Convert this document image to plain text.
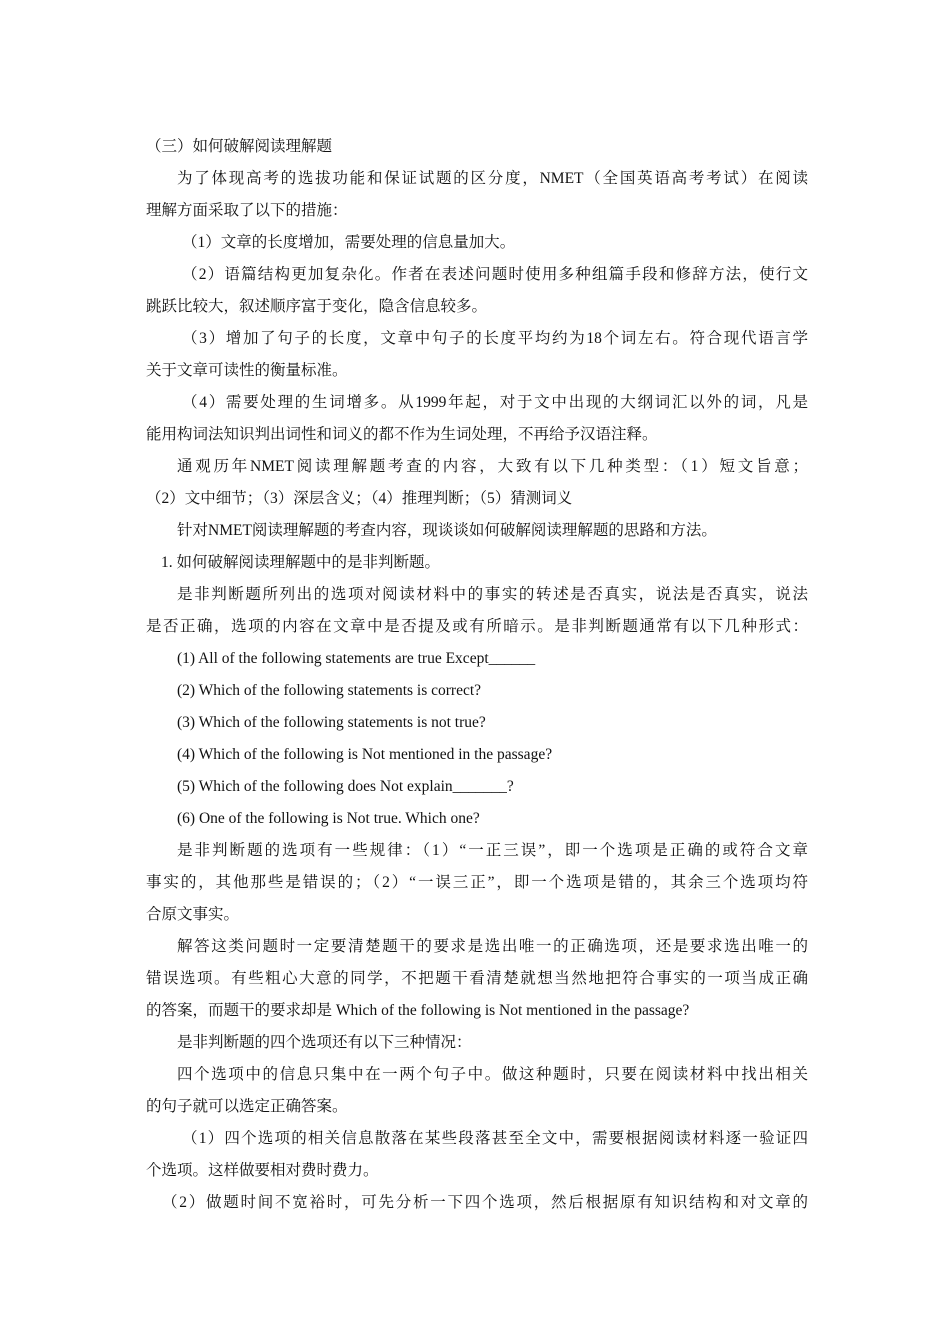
（三）如何破解阅读理解题
为了体现高考的选拔功能和保证试题的区分度，NMET（全国英语高考考试）在阅读
理解方面采取了以下的措施：
（1）文章的长度增加，需要处理的信息量加大。
（2）语篇结构更加复杂化。作者在表述问题时使用多种组篇手段和修辞方法，使行文
跳跃比较大，叙述顺序富于变化，隐含信息较多。
（3）增加了句子的长度，文章中句子的长度平均约为18个词左右。符合现代语言学
关于文章可读性的衡量标准。
（4）需要处理的生词增多。从1999年起，对于文中出现的大纲词汇以外的词，凡是
能用构词法知识判出词性和词义的都不作为生词处理，不再给予汉语注释。
通观历年NMET阅读理解题考查的内容，大致有以下几种类型：（1）短文旨意；
（2）文中细节；（3）深层含义；（4）推理判断；（5）猜测词义
针对NMET阅读理解题的考查内容，现谈谈如何破解阅读理解题的思路和方法。
1. 如何破解阅读理解题中的是非判断题。
是非判断题所列出的选项对阅读材料中的事实的转述是否真实，说法是否真实，说法
是否正确，选项的内容在文章中是否提及或有所暗示。是非判断题通常有以下几种形式：
(1) All of the following statements are true Except______
(2) Which of the following statements is correct?
(3) Which of the following statements is not true?
(4) Which of the following is Not mentioned in the passage?
(5) Which of the following does Not explain_______?
(6) One of the following is Not true. Which one?
是非判断题的选项有一些规律：（1）“一正三误”，即一个选项是正确的或符合文章
事实的，其他那些是错误的；（2）“一误三正”，即一个选项是错的，其余三个选项均符
合原文事实。
解答这类问题时一定要清楚题干的要求是选出唯一的正确选项，还是要求选出唯一的
错误选项。有些粗心大意的同学，不把题干看清楚就想当然地把符合事实的一项当成正确
的答案，而题干的要求却是 Which of the following is Not mentioned in the passage?
是非判断题的四个选项还有以下三种情况：
四个选项中的信息只集中在一两个句子中。做这种题时，只要在阅读材料中找出相关
的句子就可以选定正确答案。
（1）四个选项的相关信息散落在某些段落甚至全文中，需要根据阅读材料逐一验证四
个选项。这样做要相对费时费力。
（2）做题时间不宽裕时，可先分析一下四个选项，然后根据原有知识结构和对文章的
